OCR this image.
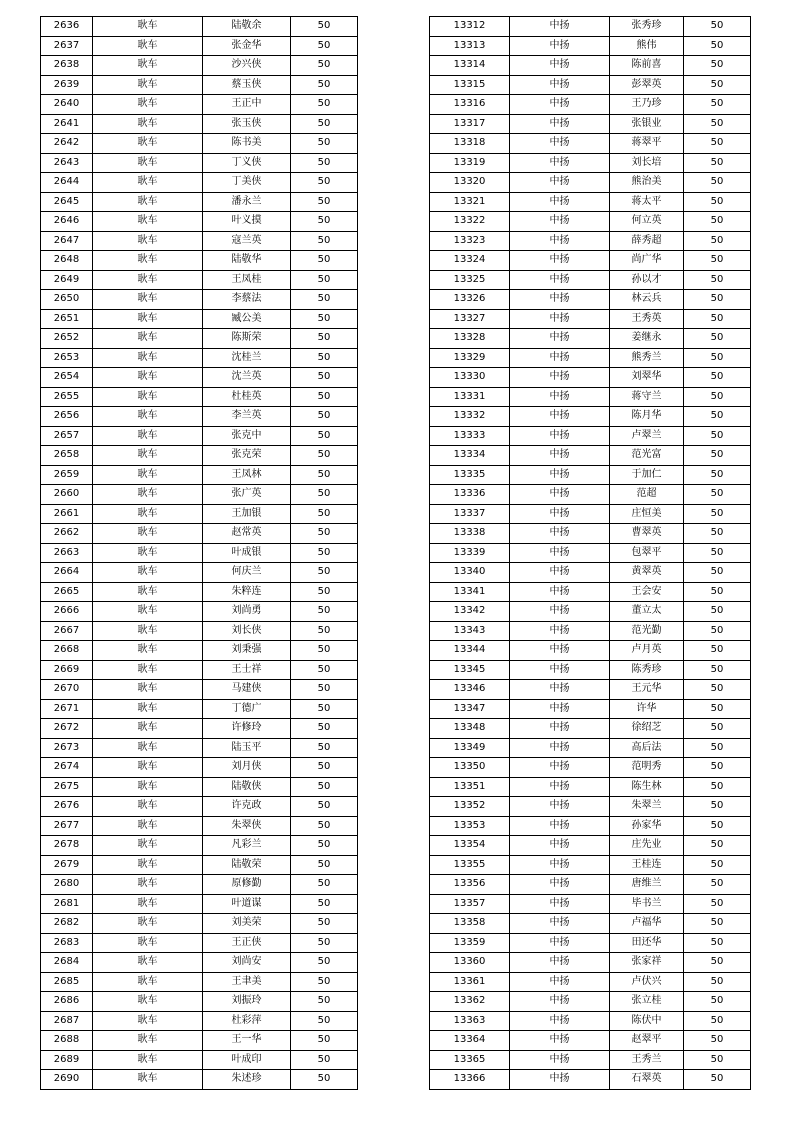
2636	耿车	陆敬余	50
2637	耿车	张金华	50
2638	耿车	沙兴侠	50
2639	耿车	蔡玉侠	50
2640	耿车	王正中	50
2641	耿车	张玉侠	50
2642	耿车	陈书美	50
2643	耿车	丁义侠	50
2644	耿车	丁美侠	50
2645	耿车	潘永兰	50
2646	耿车	叶义摸	50
2647	耿车	寇兰英	50
2648	耿车	陆敬华	50
2649	耿车	王凤桂	50
2650	耿车	李蔡法	50
2651	耿车	臧公美	50
2652	耿车	陈斯荣	50
2653	耿车	沈桂兰	50
2654	耿车	沈兰英	50
2655	耿车	杜桂英	50
2656	耿车	李兰英	50
2657	耿车	张克中	50
2658	耿车	张克荣	50
2659	耿车	王凤林	50
2660	耿车	张广英	50
2661	耿车	王加银	50
2662	耿车	赵常英	50
2663	耿车	叶成银	50
2664	耿车	何庆兰	50
2665	耿车	朱粹连	50
2666	耿车	刘尚勇	50
2667	耿车	刘长侠	50
2668	耿车	刘秉强	50
2669	耿车	王士祥	50
2670	耿车	马建侠	50
2671	耿车	丁德广	50
2672	耿车	许修玲	50
2673	耿车	陆玉平	50
2674	耿车	刘月侠	50
2675	耿车	陆敬侠	50
2676	耿车	许克政	50
2677	耿车	朱翠侠	50
2678	耿车	凡彩兰	50
2679	耿车	陆敬荣	50
2680	耿车	原修勤	50
2681	耿车	叶道谋	50
2682	耿车	刘美荣	50
2683	耿车	王正侠	50
2684	耿车	刘尚安	50
2685	耿车	王聿美	50
2686	耿车	刘振玲	50
2687	耿车	杜彩萍	50
2688	耿车	王一华	50
2689	耿车	叶成印	50
2690	耿车	朱述珍	50
13312	中扬	张秀珍	50
13313	中扬	熊伟	50
13314	中扬	陈前喜	50
13315	中扬	彭翠英	50
13316	中扬	王乃珍	50
13317	中扬	张银业	50
13318	中扬	蒋翠平	50
13319	中扬	刘长培	50
13320	中扬	熊治美	50
13321	中扬	蒋太平	50
13322	中扬	何立英	50
13323	中扬	薛秀超	50
13324	中扬	尚广华	50
13325	中扬	孙以才	50
13326	中扬	林云兵	50
13327	中扬	王秀英	50
13328	中扬	姜继永	50
13329	中扬	熊秀兰	50
13330	中扬	刘翠华	50
13331	中扬	蒋守兰	50
13332	中扬	陈月华	50
13333	中扬	卢翠兰	50
13334	中扬	范光富	50
13335	中扬	于加仁	50
13336	中扬	范超	50
13337	中扬	庄恒美	50
13338	中扬	曹翠英	50
13339	中扬	包翠平	50
13340	中扬	黄翠英	50
13341	中扬	王会安	50
13342	中扬	董立太	50
13343	中扬	范光勤	50
13344	中扬	卢月英	50
13345	中扬	陈秀珍	50
13346	中扬	王元华	50
13347	中扬	许华	50
13348	中扬	徐绍芝	50
13349	中扬	高后法	50
13350	中扬	范明秀	50
13351	中扬	陈生林	50
13352	中扬	朱翠兰	50
13353	中扬	孙家华	50
13354	中扬	庄先业	50
13355	中扬	王桂连	50
13356	中扬	唐维兰	50
13357	中扬	毕书兰	50
13358	中扬	卢福华	50
13359	中扬	田还华	50
13360	中扬	张家祥	50
13361	中扬	卢伏兴	50
13362	中扬	张立桂	50
13363	中扬	陈伏中	50
13364	中扬	赵翠平	50
13365	中扬	王秀兰	50
13366	中扬	石翠英	50
